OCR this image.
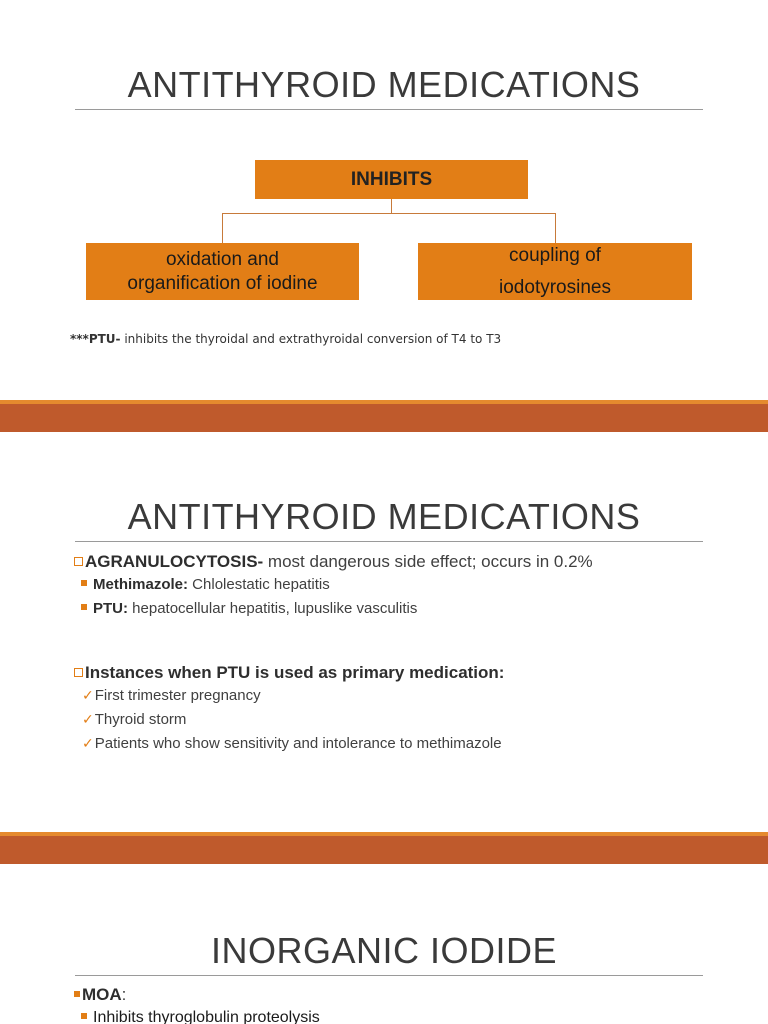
ANTITHYROID MEDICATIONS
INHIBITS
oxidation and
organification of iodine
coupling of
iodotyrosines
***PTU- inhibits the thyroidal and extrathyroidal conversion of T4 to T3
ANTITHYROID MEDICATIONS
AGRANULOCYTOSIS- most dangerous side effect; occurs in 0.2%
Methimazole: Chlolestatic hepatitis
PTU: hepatocellular hepatitis, lupuslike vasculitis
Instances when PTU is used as primary medication:
✓First trimester pregnancy
✓Thyroid storm
✓Patients who show sensitivity and intolerance to methimazole
INORGANIC IODIDE
MOA:
Inhibits thyroglobulin proteolysis
